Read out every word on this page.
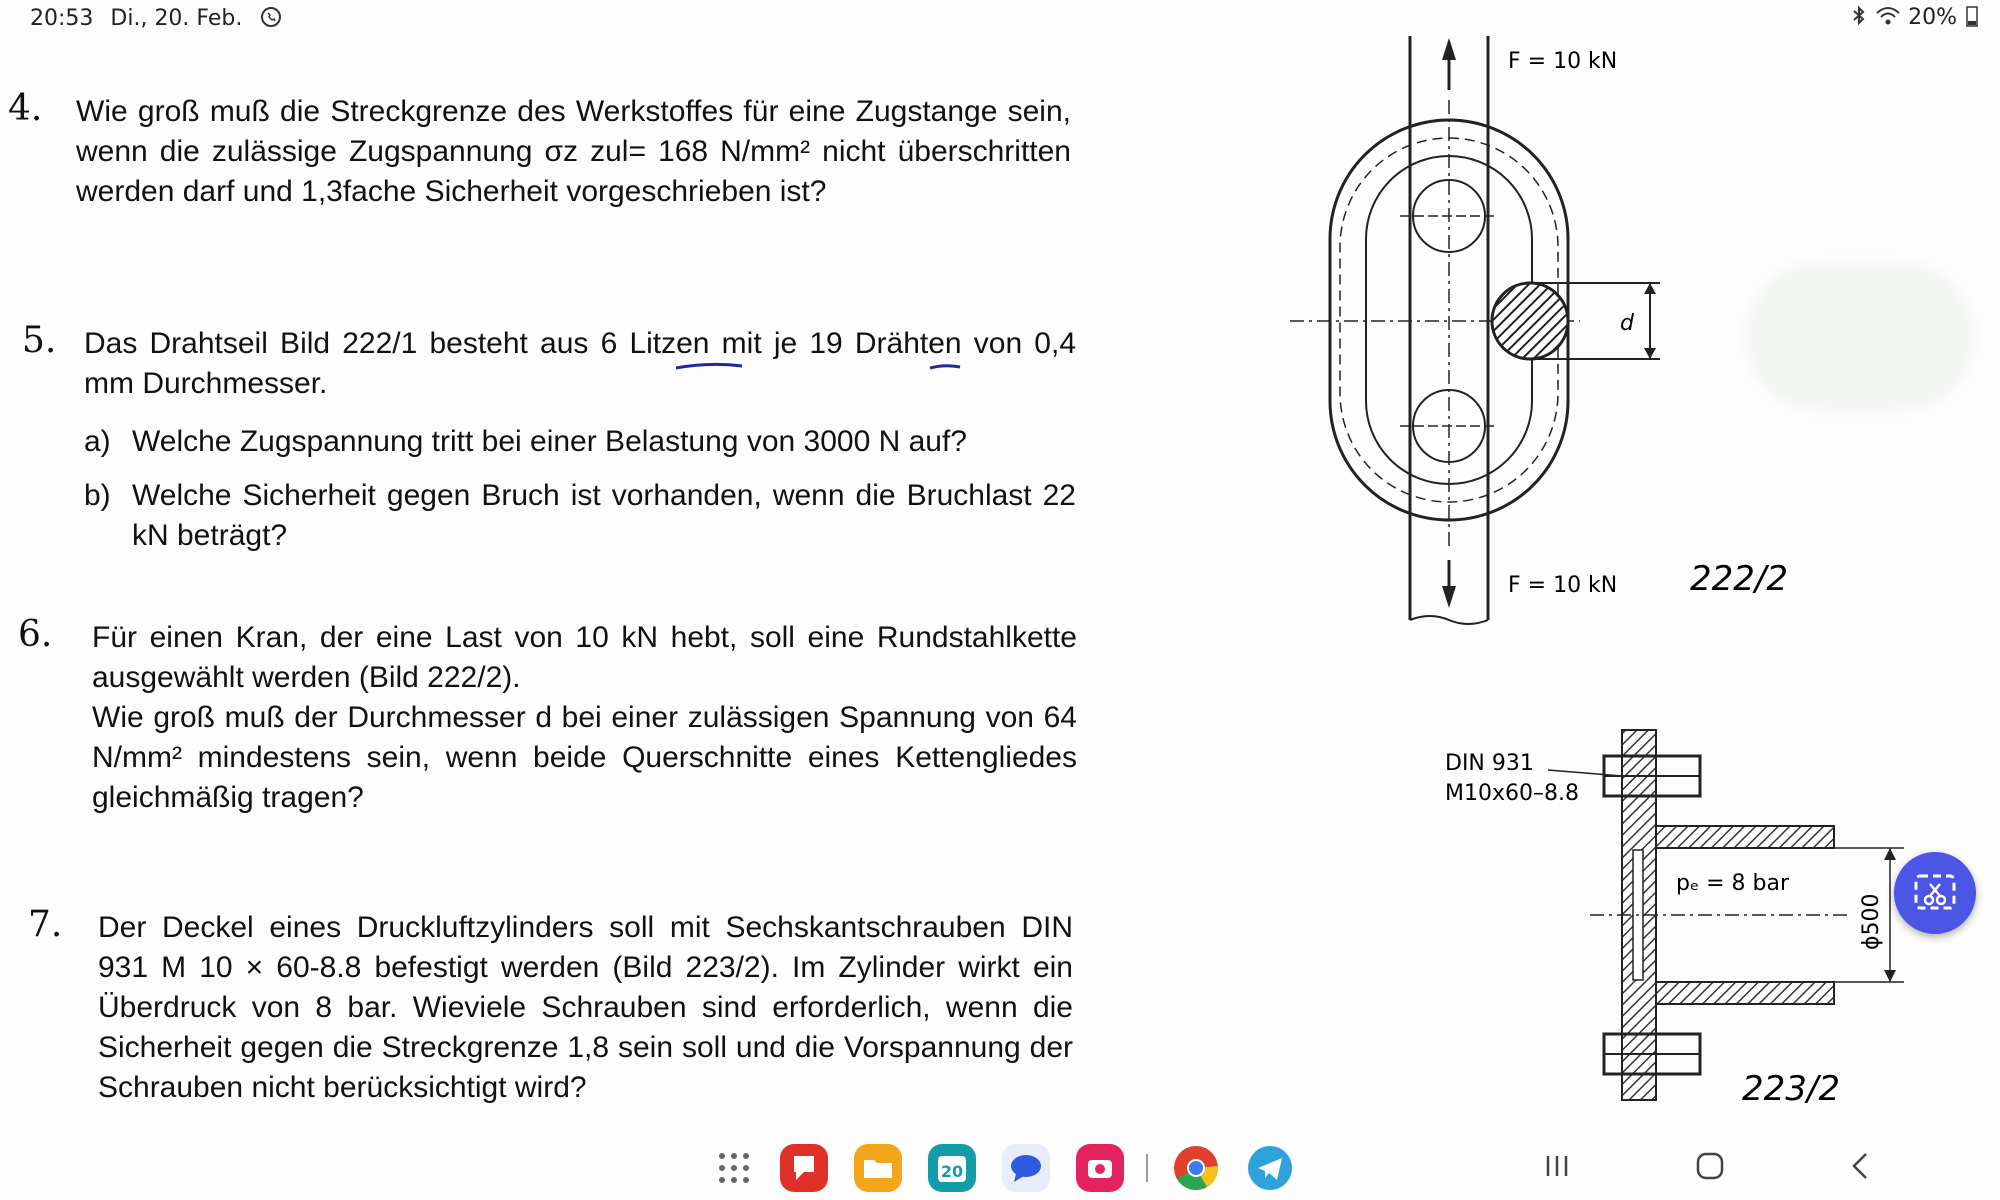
20:53 Di., 20. Feb.	20%
4. Wie groß muß die Streckgrenze des Werkstoffes für eine Zugstange sein, wenn die zulässige Zugspannung σz zul= 168 N/mm² nicht überschritten werden darf und 1,3fache Sicherheit vorgeschrieben ist?

5. Das Drahtseil Bild 222/1 besteht aus 6 Litzen mit je 19 Drähten von 0,4 mm Durchmesser.

a) Welche Zugspannung tritt bei einer Belastung von 3000 N auf?
b) Welche Sicherheit gegen Bruch ist vorhanden, wenn die Bruchlast 22 kN beträgt?
6. Für einen Kran, der eine Last von 10 kN hebt, soll eine Rundstahlkette ausgewählt werden (Bild 222/2).

Wie groß muß der Durchmesser d bei einer zulässigen Spannung von 64 N/mm² mindestens sein, wenn beide Querschnitte eines Kettengliedes gleichmäßig tragen?

7. Der Deckel eines Druckluftzylinders soll mit Sechskantschrauben DIN 931 M 10 × 60-8.8 befestigt werden (Bild 223/2). Im Zylinder wirkt ein Überdruck von 8 bar. Wieviele Schrauben sind erforderlich, wenn die Sicherheit gegen die Streckgrenze 1,8 sein soll und die Vorspannung der Schrauben nicht berücksichtigt wird?

d
F = 10 kN
F = 10 kN 222/2
ϕ500
DIN 931
M10x60–8.8
pₑ = 8 bar
223/2
20
